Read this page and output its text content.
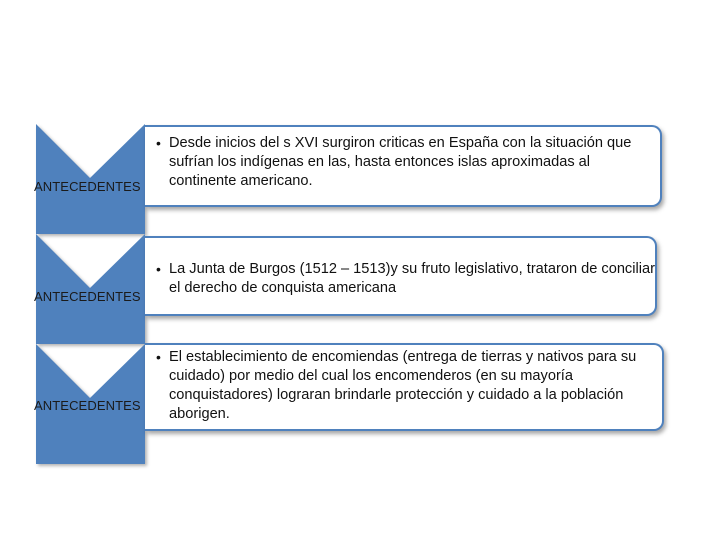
ANTECEDENTES
• Desde inicios del s XVI surgiron criticas en España con la situación que sufrían los indígenas en las, hasta entonces islas aproximadas al continente americano.
ANTECEDENTES
• La Junta de Burgos (1512 – 1513)y su fruto legislativo, trataron de conciliar el derecho de conquista americana
ANTECEDENTES
• El establecimiento de encomiendas (entrega de tierras y nativos para su cuidado) por medio del cual los encomenderos (en su mayoría conquistadores) lograran brindarle protección y cuidado a la población aborigen.
